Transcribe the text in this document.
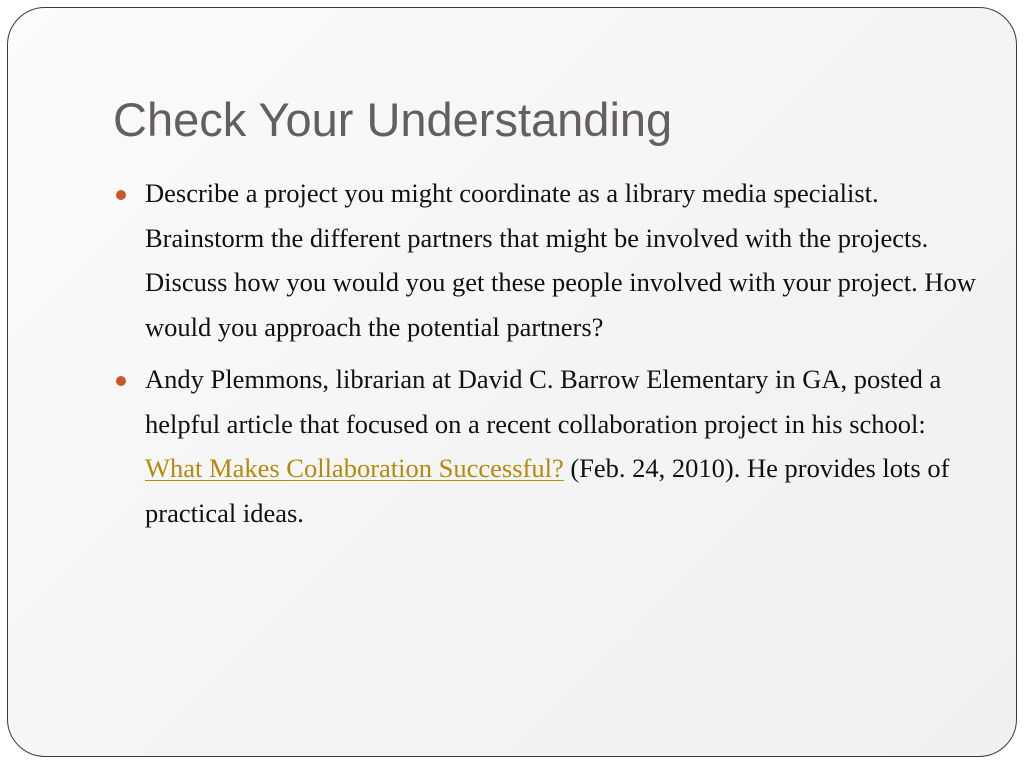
Check Your Understanding
Describe a project you might coordinate as a library media specialist. Brainstorm the different partners that might be involved with the projects. Discuss how you would you get these people involved with your project. How would you approach the potential partners?
Andy Plemmons, librarian at David C. Barrow Elementary in GA, posted a helpful article that focused on a recent collaboration project in his school: What Makes Collaboration Successful? (Feb. 24, 2010). He provides lots of practical ideas.
